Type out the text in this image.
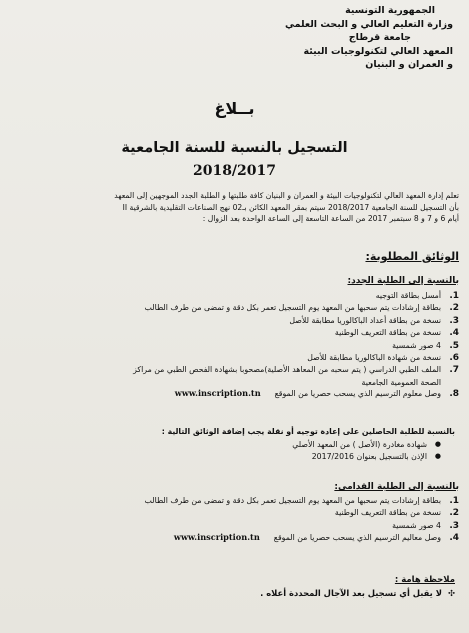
الجمهورية التونسية
وزارة التعليم العالي و البحث العلمي
جامعة قرطاج
المعهد العالي لتكنولوجيات البيئة
و العمران و البنيان
بــلاغ
التسجيل بالنسبة للسنة الجامعية
2018/2017
تعلم إدارة المعهد العالي لتكنولوجيات البيئة و العمران و البنيان كافة طلبتها و الطلبة الجدد الموجهين إلى المعهد
بأن التسجيل للسنة الجامعية 2018/2017 سيتم بمقر المعهد الكائن بـ02 نهج الصناعات التقليدية بالشرقية II
أيام 6 و 7 و 8 سبتمبر 2017 من الساعة التاسعة إلى الساعة الواحدة بعد الزوال :
الوثائق المطلوبة:
بالنسبة إلى الطلبة الجدد:
1.
أمسل بطاقة التوجيه
2.
بطاقة إرشادات يتم سحبها من المعهد يوم التسجيل تعمر بكل دقة و تمضى من طرف الطالب
3.
نسخة من بطاقة أعداد الباكالوريا مطابقة للأصل
4.
نسخة من بطاقة التعريف الوطنية
5.
4 صور شمسية
6.
نسخة من شهادة الباكالوريا مطابقة للأصل
7.
الملف الطبي الدراسي ( يتم سحبه من المعاهد الأصلية)مصحوبا بشهادة الفحص الطبي من مراكز
الصحة العمومية الجامعية
8.
وصل معلوم الترسيم الذي يسحب حصريا من الموقع
www.inscription.tn
بالنسبة للطلبة الحاصلين على إعادة توجيه أو نقلة يجب إضافة الوثائق التالية :
●
شهادة مغادرة (الأصل ) من المعهد الأصلي
●
الإذن بالتسجيل بعنوان 2017/2016
بالنسبة إلى الطلبة القدامى:
1.
بطاقة إرشادات يتم سحبها من المعهد يوم التسجيل تعمر بكل دقة و تمضى من طرف الطالب
2.
نسخة من بطاقة التعريف الوطنية
3.
4 صور شمسية
4.
وصل معاليم الترسيم الذي يسحب حصريا من الموقع
www.inscription.tn
ملاحظة هامة :
✣لا يقبل أي تسجيل بعد الآجال المحددة أعلاه .
